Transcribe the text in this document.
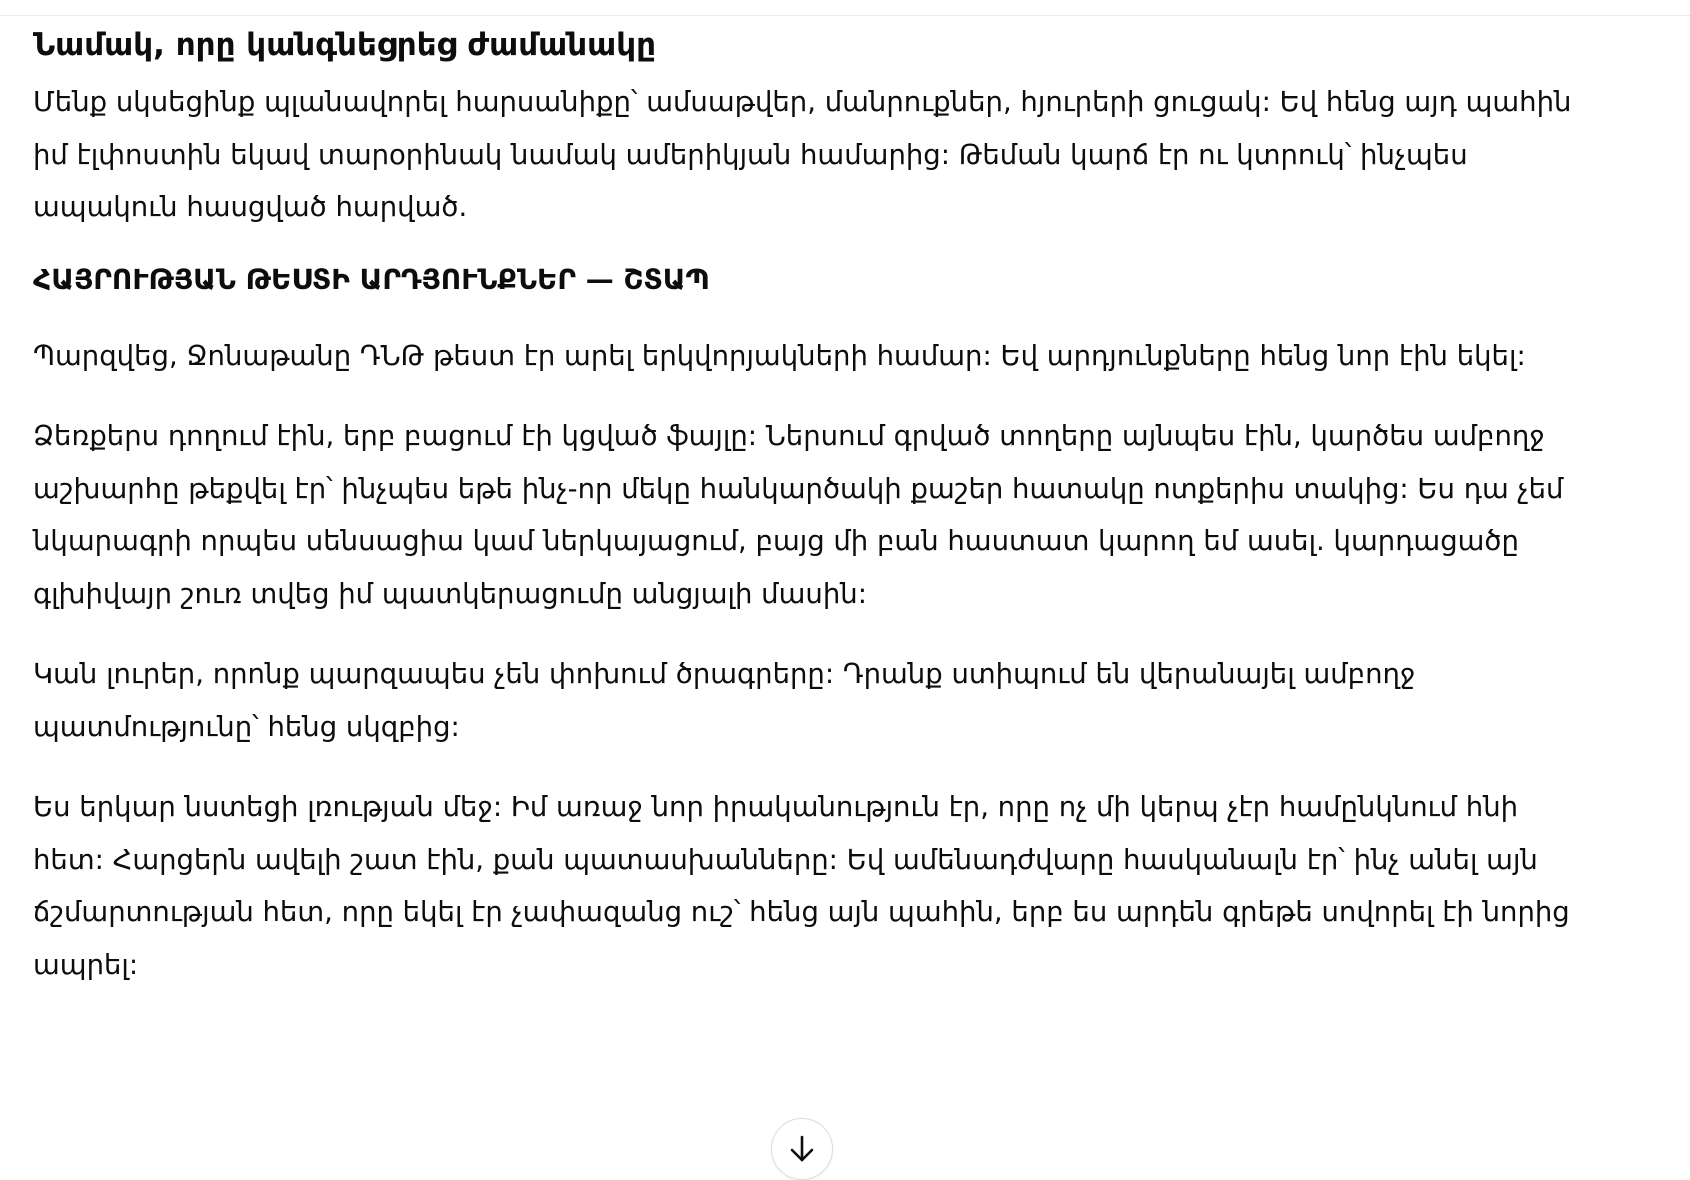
Նամակ, որը կանգնեցրեց ժամանակը

Մենք սկսեցինք պլանավորել հարսանիքը՝ ամսաթվեր, մանրուքներ, հյուրերի ցուցակ: Եվ հենց այդ պահին իմ էլփոստին եկավ տարօրինակ նամակ ամերիկյան համարից: Թեման կարճ էր ու կտրուկ՝ ինչպես ապակուն հասցված հարված.

ՀԱՅՐՈՒԹՅԱՆ ԹԵՍՏԻ ԱՐԴՅՈՒՆՔՆԵՐ — ՇՏԱՊ

Պարզվեց, Ջոնաթանը ԴՆԹ թեստ էր արել երկվորյակների համար: Եվ արդյունքները հենց նոր էին եկել:

Ձեռքերս դողում էին, երբ բացում էի կցված ֆայլը: Ներսում գրված տողերը այնպես էին, կարծես ամբողջ աշխարհը թեքվել էր՝ ինչպես եթե ինչ-որ մեկը հանկարծակի քաշեր հատակը ոտքերիս տակից: Ես դա չեմ նկարագրի որպես սենսացիա կամ ներկայացում, բայց մի բան հաստատ կարող եմ ասել. կարդացածը գլխիվայր շուռ տվեց իմ պատկերացումը անցյալի մասին:

Կան լուրեր, որոնք պարզապես չեն փոխում ծրագրերը: Դրանք ստիպում են վերանայել ամբողջ պատմությունը՝ հենց սկզբից:

Ես երկար նստեցի լռության մեջ: Իմ առաջ նոր իրականություն էր, որը ոչ մի կերպ չէր համընկնում հնի հետ: Հարցերն ավելի շատ էին, քան պատասխանները: Եվ ամենադժվարը հասկանալն էր՝ ինչ անել այն ճշմարտության հետ, որը եկել էր չափազանց ուշ՝ հենց այն պահին, երբ ես արդեն գրեթե սովորել էի նորից ապրել:
